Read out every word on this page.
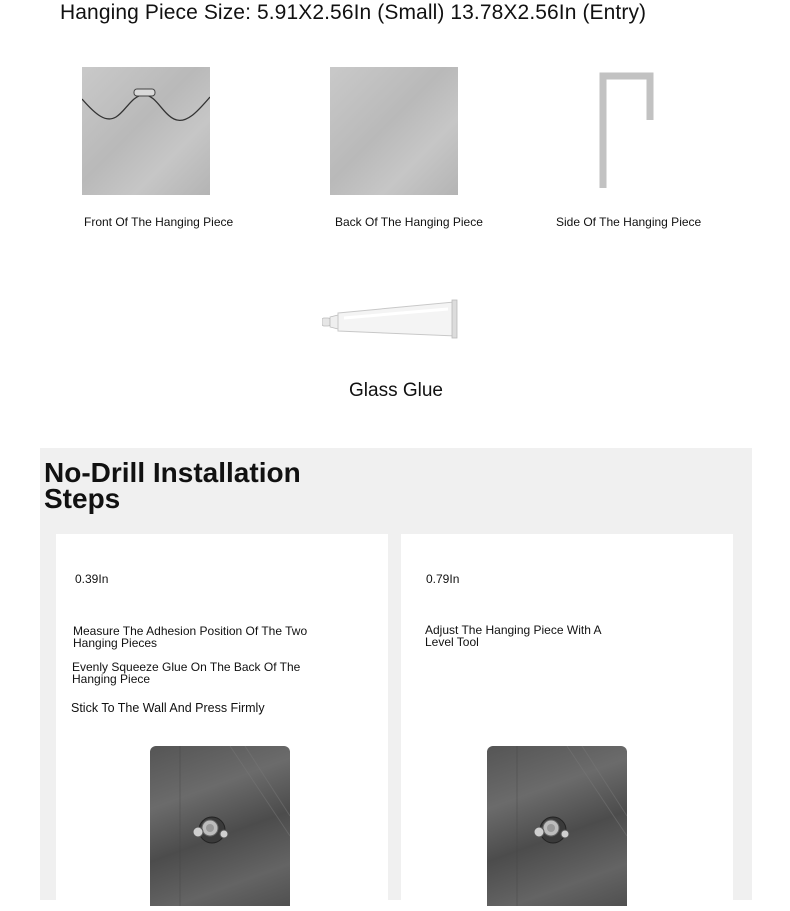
Hanging Piece Size: 5.91X2.56In (Small) 13.78X2.56In (Entry)
Front Of The Hanging Piece	Back Of The Hanging Piece	Side Of The Hanging Piece
Glass Glue
No-Drill Installation Steps
0.39In
Measure The Adhesion Position Of The Two Hanging Pieces
Evenly Squeeze Glue On The Back Of The Hanging Piece
Stick To The Wall And Press Firmly
0.79In
Adjust The Hanging Piece With A Level Tool
